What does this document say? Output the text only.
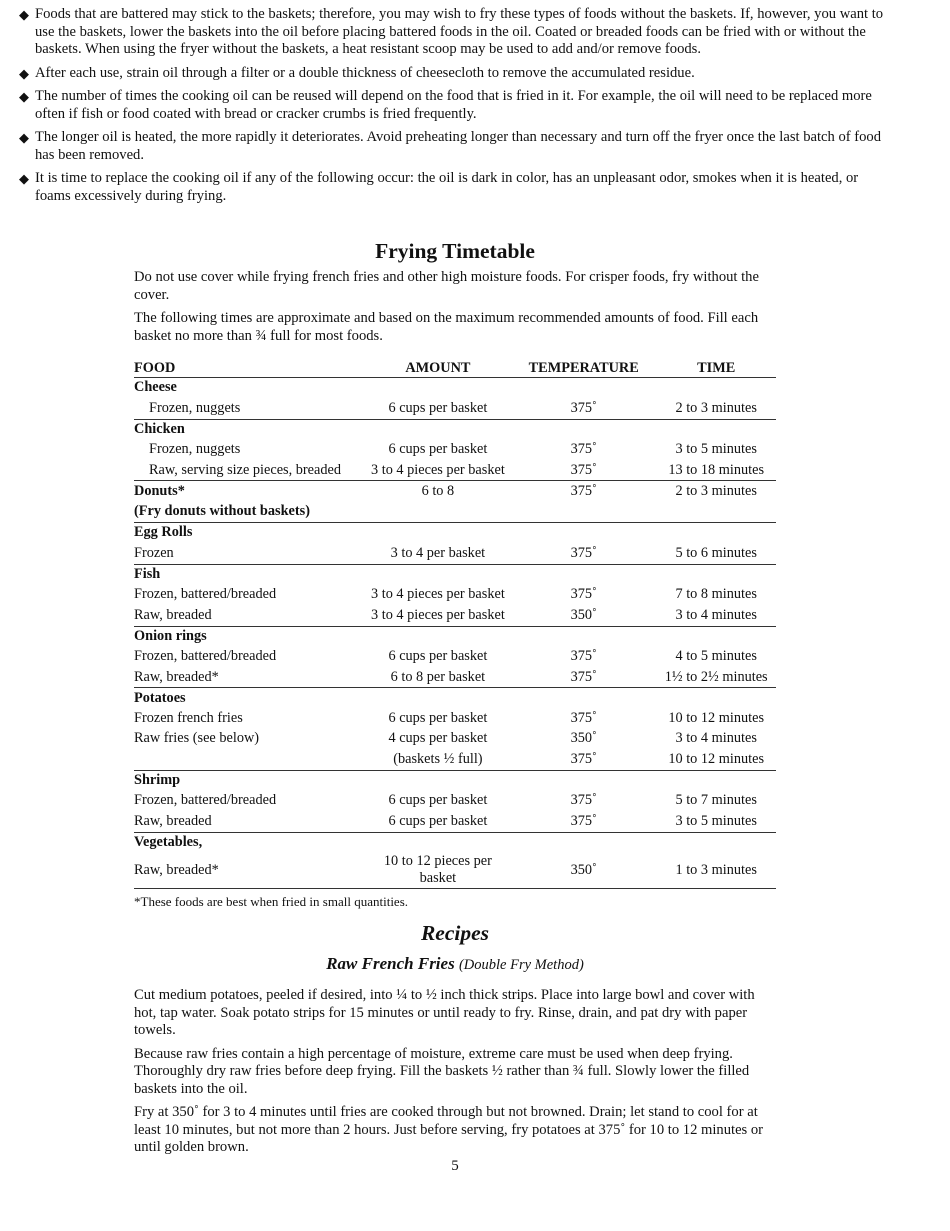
◆ Foods that are battered may stick to the baskets; therefore, you may wish to fry these types of foods without the baskets. If, however, you want to use the baskets, lower the baskets into the oil before placing battered foods in the oil. Coated or breaded foods can be fried with or without the baskets. When using the fryer without the baskets, a heat resistant scoop may be used to add and/or remove foods.
◆ After each use, strain oil through a filter or a double thickness of cheesecloth to remove the accumulated residue.
◆ The number of times the cooking oil can be reused will depend on the food that is fried in it. For example, the oil will need to be replaced more often if fish or food coated with bread or cracker crumbs is fried frequently.
◆ The longer oil is heated, the more rapidly it deteriorates. Avoid preheating longer than necessary and turn off the fryer once the last batch of food has been removed.
◆ It is time to replace the cooking oil if any of the following occur: the oil is dark in color, has an unpleasant odor, smokes when it is heated, or foams excessively during frying.
Frying Timetable

Do not use cover while frying french fries and other high moisture foods. For crisper foods, fry without the cover.

The following times are approximate and based on the maximum recommended amounts of food. Fill each basket no more than ¾ full for most foods.

FOOD	AMOUNT	TEMPERATURE	TIME
Cheese			
Frozen, nuggets	6 cups per basket	375˚	2 to 3 minutes
Chicken			
Frozen, nuggets	6 cups per basket	375˚	3 to 5 minutes
Raw, serving size pieces, breaded	3 to 4 pieces per basket	375˚	13 to 18 minutes
Donuts*	6 to 8	375˚	2 to 3 minutes
(Fry donuts without baskets)			
Egg Rolls			
Frozen	3 to 4 per basket	375˚	5 to 6 minutes
Fish			
Frozen, battered/breaded	3 to 4 pieces per basket	375˚	7 to 8 minutes
Raw, breaded	3 to 4 pieces per basket	350˚	3 to 4 minutes
Onion rings			
Frozen, battered/breaded	6 cups per basket	375˚	4 to 5 minutes
Raw, breaded*	6 to 8 per basket	375˚	1½ to 2½ minutes
Potatoes			
Frozen french fries	6 cups per basket	375˚	10 to 12 minutes
Raw fries (see below)	4 cups per basket	350˚	3 to 4 minutes
	(baskets ½ full)	375˚	10 to 12 minutes
Shrimp			
Frozen, battered/breaded	6 cups per basket	375˚	5 to 7 minutes
Raw, breaded	6 cups per basket	375˚	3 to 5 minutes
Vegetables,			
Raw, breaded*	10 to 12 pieces per basket	350˚	1 to 3 minutes
*These foods are best when fried in small quantities.
Recipes
Raw French Fries (Double Fry Method)

Cut medium potatoes, peeled if desired, into ¼ to ½ inch thick strips. Place into large bowl and cover with hot, tap water. Soak potato strips for 15 minutes or until ready to fry. Rinse, drain, and pat dry with paper towels.

Because raw fries contain a high percentage of moisture, extreme care must be used when deep frying. Thoroughly dry raw fries before deep frying. Fill the baskets ½ rather than ¾ full. Slowly lower the filled baskets into the oil.

Fry at 350˚ for 3 to 4 minutes until fries are cooked through but not browned. Drain; let stand to cool for at least 10 minutes, but not more than 2 hours. Just before serving, fry potatoes at 375˚ for 10 to 12 minutes or until golden brown.

5
